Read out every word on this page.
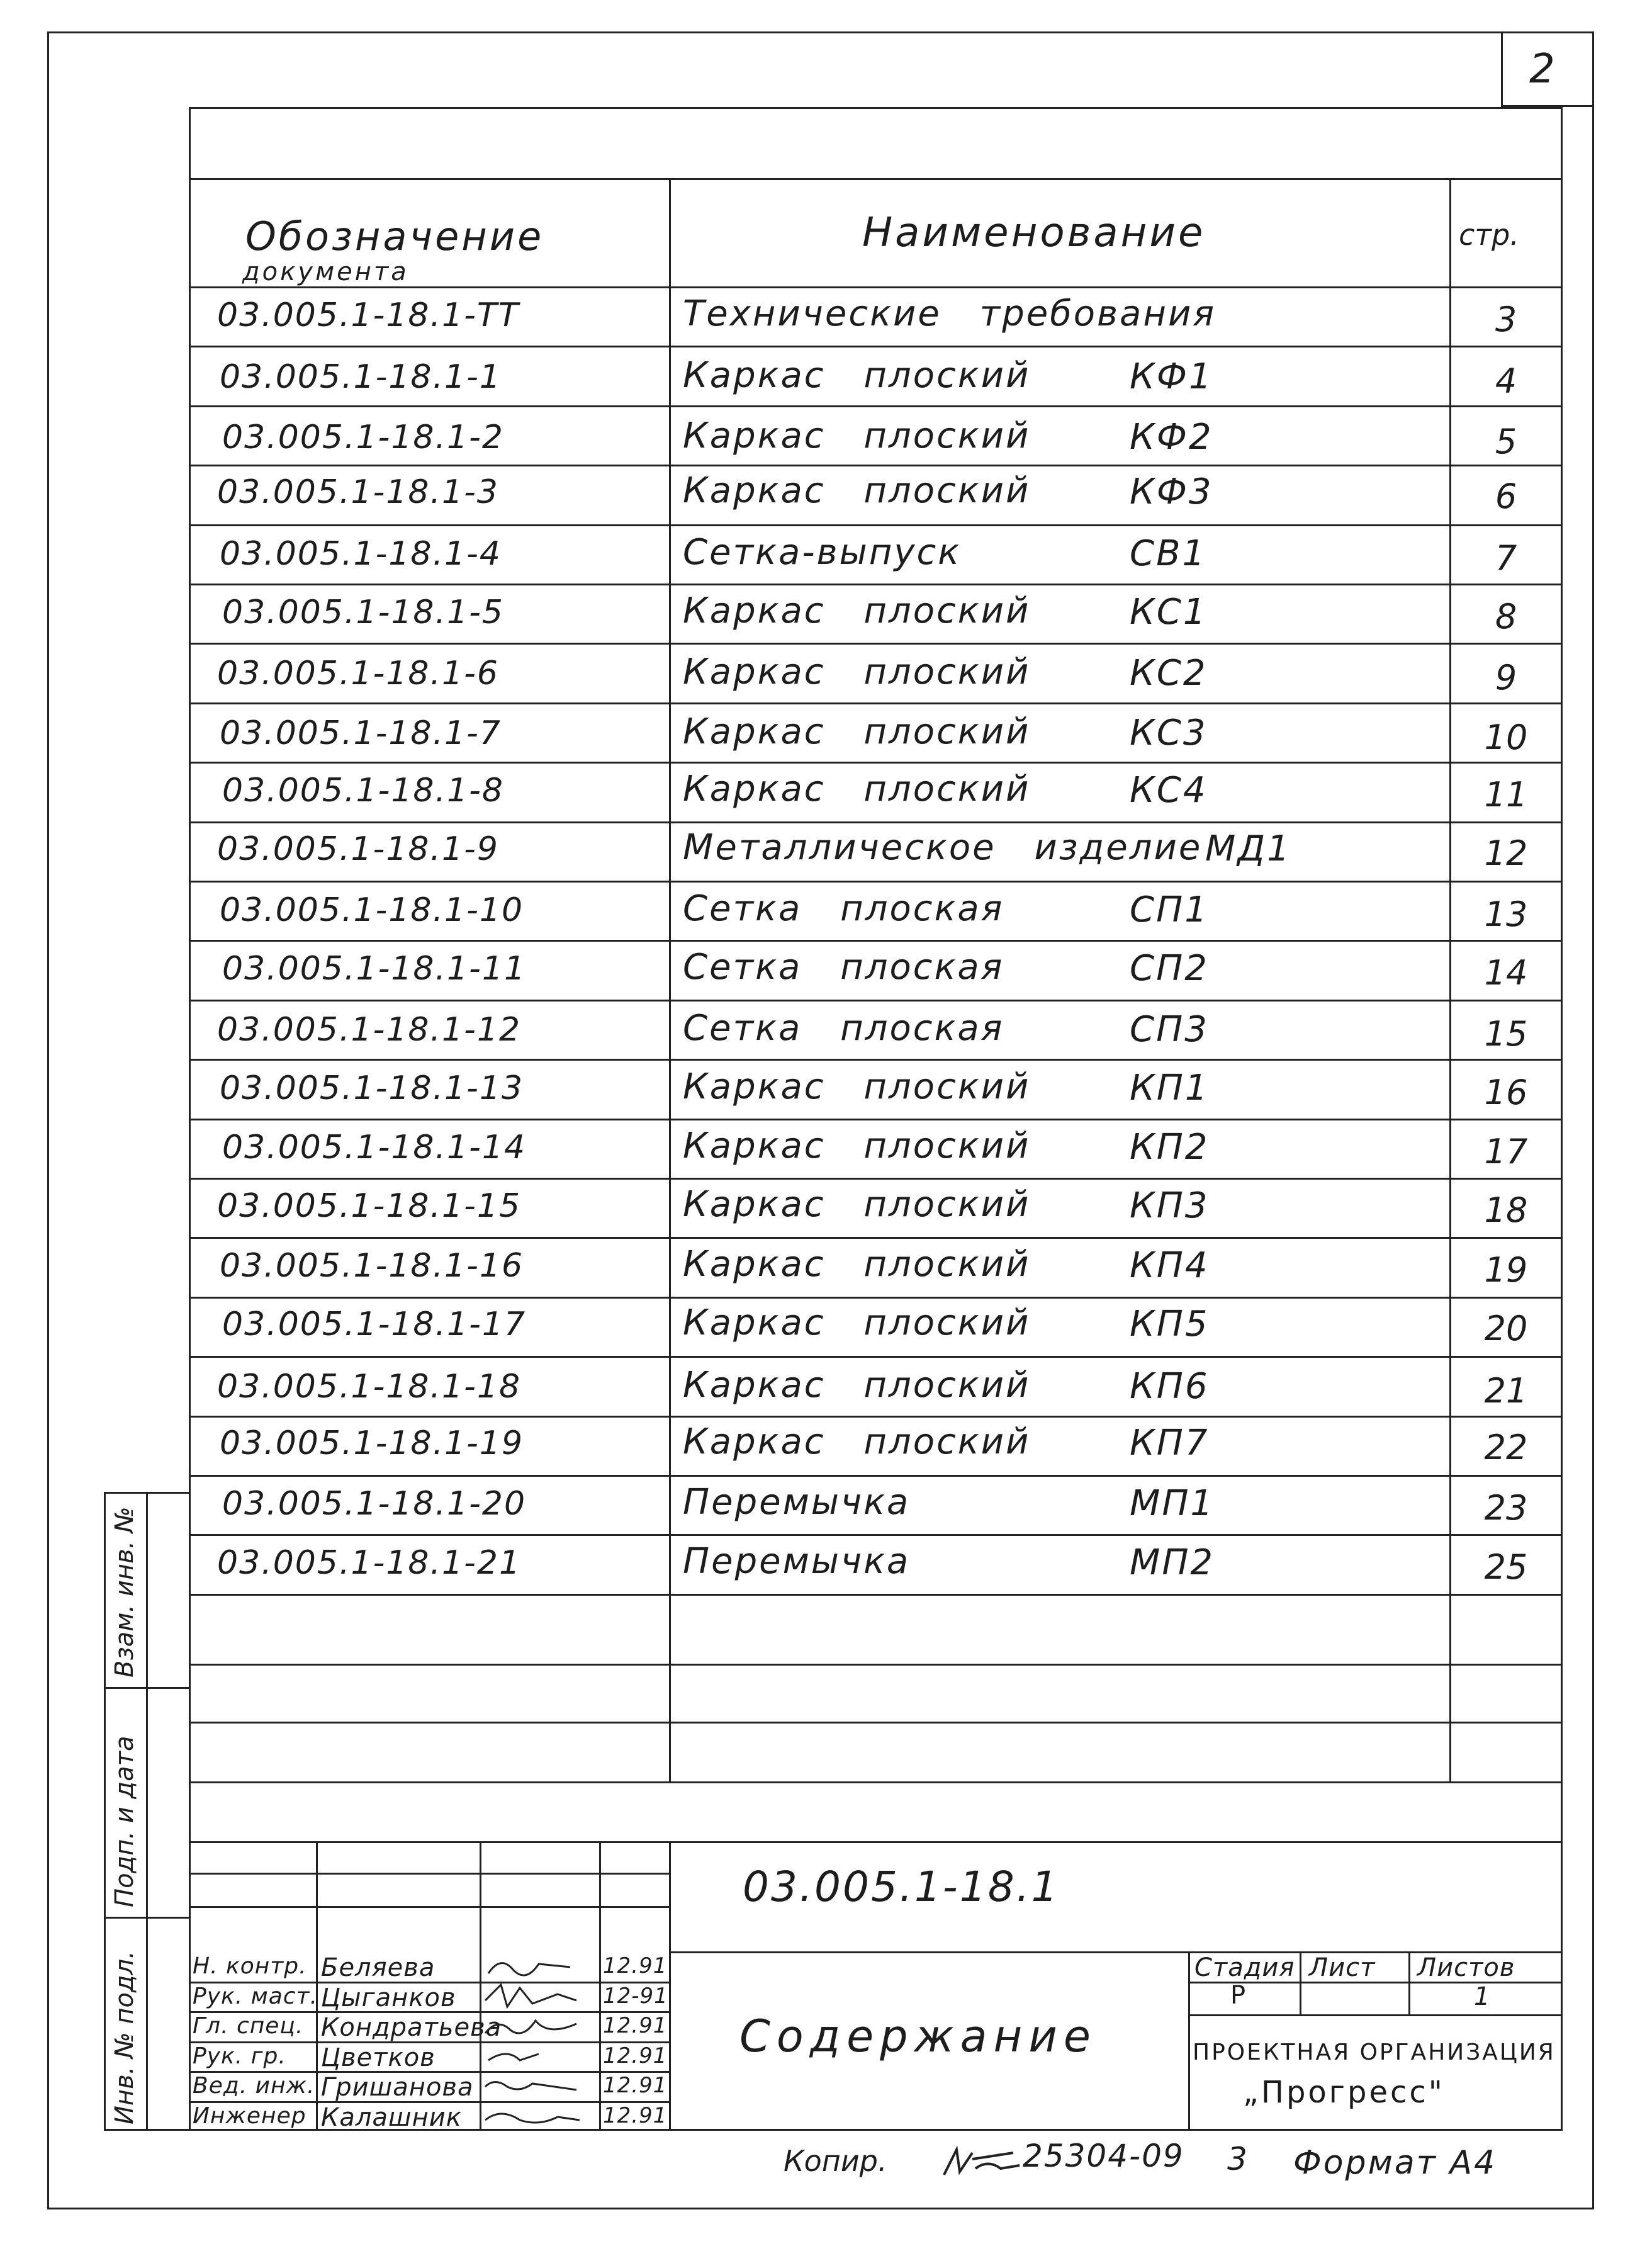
2
Обозначение
документа
Наименование	стр.
03.005.1-18.1-ТТ	Технические требования	3
03.005.1-18.1-1	Каркас плоский	КФ1	4
03.005.1-18.1-2	Каркас плоский	КФ2	5
03.005.1-18.1-3	Каркас плоский	КФ3	6
03.005.1-18.1-4	Сетка-выпуск	СВ1	7
03.005.1-18.1-5	Каркас плоский	КС1	8
03.005.1-18.1-6	Каркас плоский	КС2	9
03.005.1-18.1-7	Каркас плоский	КС3	10
03.005.1-18.1-8	Каркас плоский	КС4	11
03.005.1-18.1-9	Металлическое изделие МД1	12
03.005.1-18.1-10	Сетка плоская	СП1	13
03.005.1-18.1-11	Сетка плоская	СП2	14
03.005.1-18.1-12	Сетка плоская	СП3	15
03.005.1-18.1-13	Каркас плоский	КП1	16
03.005.1-18.1-14	Каркас плоский	КП2	17
03.005.1-18.1-15	Каркас плоский	КП3	18
03.005.1-18.1-16	Каркас плоский	КП4	19
03.005.1-18.1-17	Каркас плоский	КП5	20
03.005.1-18.1-18	Каркас плоский	КП6	21
03.005.1-18.1-19	Каркас плоский	КП7	22
03.005.1-18.1-20	Перемычка	МП1	23
03.005.1-18.1-21	Перемычка	МП2	25
Взам. инв. №
Подп. и дата
Инв. № подл.
03.005.1-18.1
Содержание
Стадия Лист Листов
Р	1
ПРОЕКТНАЯ ОРГАНИЗАЦИЯ
„Прогресс"
Н. контр. Беляева	12.91
Рук. маст. Цыганков	12-91
Гл. спец. Кондратьева	12.91
Рук. гр. Цветков	12.91
Вед. инж. Гришанова	12.91
Инженер Калашник	12.91
Копир.	25304-09 3 Формат А4
